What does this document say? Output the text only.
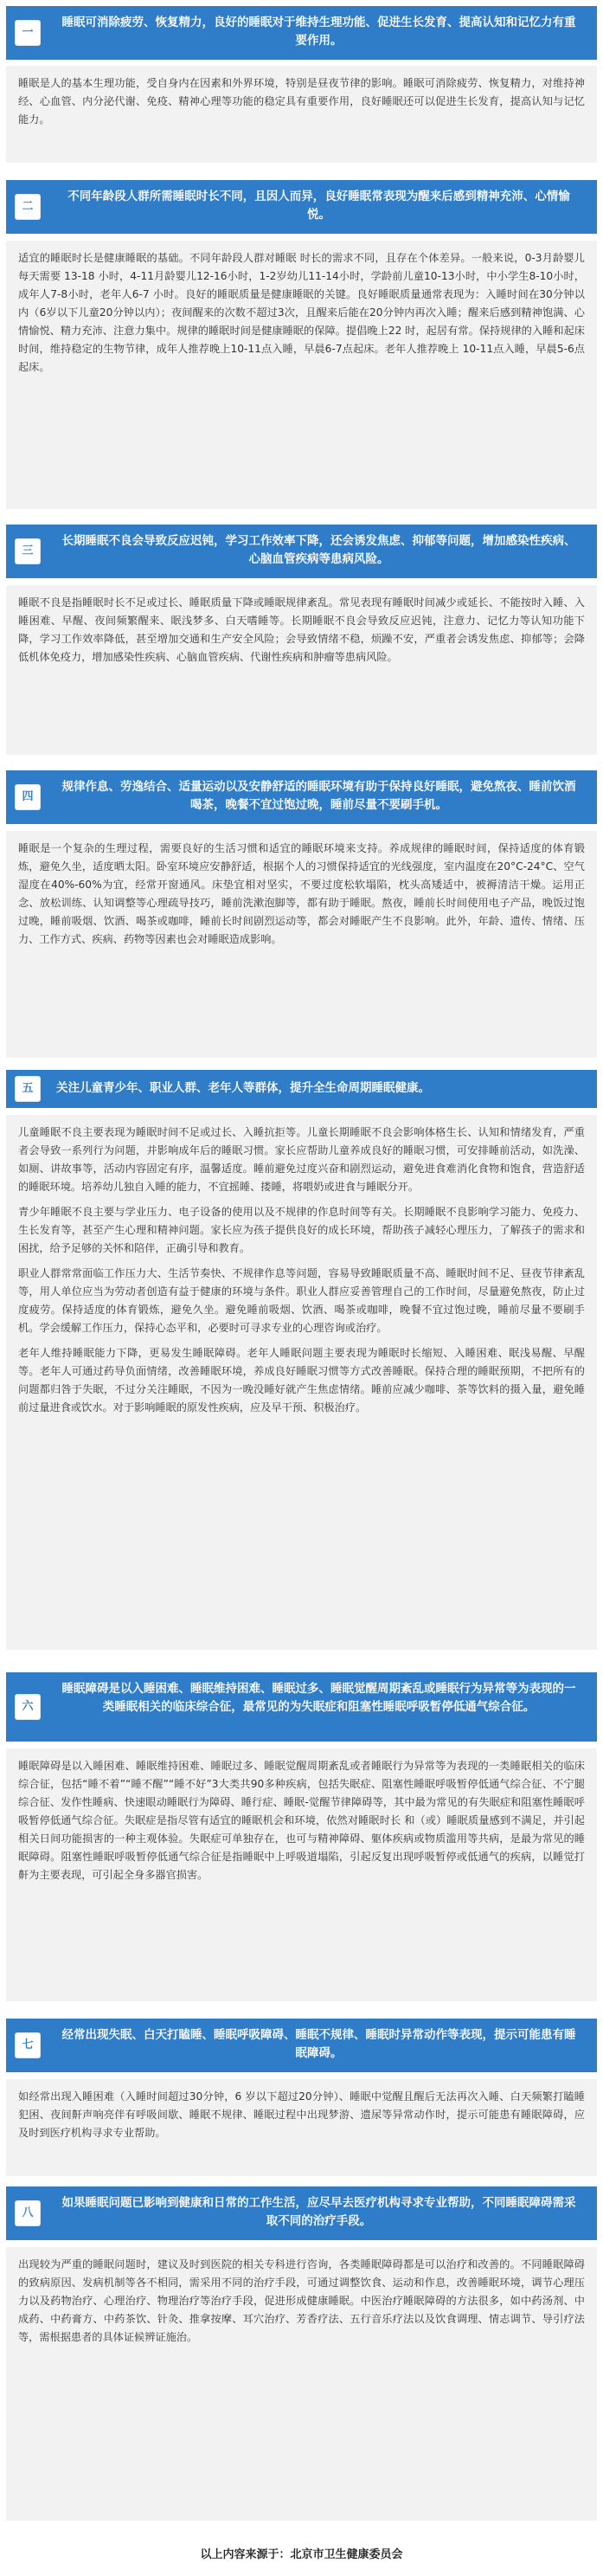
一
睡眠可消除疲劳、恢复精力，良好的睡眠对于维持生理功能、促进生长发育、提高认知和记忆力有重要作用。

睡眠是人的基本生理功能，受自身内在因素和外界环境，特别是昼夜节律的影响。睡眠可消除疲劳、恢复精力，对维持神经、心血管、内分泌代谢、免疫、精神心理等功能的稳定具有重要作用，良好睡眠还可以促进生长发育，提高认知与记忆能力。

二
不同年龄段人群所需睡眠时长不同，且因人而异，良好睡眠常表现为醒来后感到精神充沛、心情愉悦。

适宜的睡眠时长是健康睡眠的基础。不同年龄段人群对睡眠 时长的需求不同，且存在个体差异。一般来说，0-3月龄婴儿每天需要 13-18 小时，4-11月龄婴儿12-16小时，1-2岁幼儿11-14小时，学龄前儿童10-13小时，中小学生8-10小时，成年人7-8小时，老年人6-7 小时。良好的睡眠质量是健康睡眠的关键。良好睡眠质量通常表现为：入睡时间在30分钟以内（6岁以下儿童20分钟以内）；夜间醒来的次数不超过3次，且醒来后能在20分钟内再次入睡；醒来后感到精神饱满、心情愉悦、精力充沛、注意力集中。规律的睡眠时间是健康睡眠的保障。提倡晚上22 时，起居有常。保持规律的入睡和起床时间，维持稳定的生物节律，成年人推荐晚上10-11点入睡，早晨6-7点起床。老年人推荐晚上 10-11点入睡，早晨5-6点起床。

三
长期睡眠不良会导致反应迟钝，学习工作效率下降，还会诱发焦虑、抑郁等问题，增加感染性疾病、心脑血管疾病等患病风险。

睡眠不良是指睡眠时长不足或过长、睡眠质量下降或睡眠规律紊乱。常见表现有睡眠时间减少或延长、不能按时入睡、入睡困难、早醒、夜间频繁醒来、眠浅梦多、白天嗜睡等。长期睡眠不良会导致反应迟钝，注意力、记忆力等认知功能下降，学习工作效率降低，甚至增加交通和生产安全风险；会导致情绪不稳，烦躁不安，严重者会诱发焦虑、抑郁等；会降低机体免疫力，增加感染性疾病、心脑血管疾病、代谢性疾病和肿瘤等患病风险。

四
规律作息、劳逸结合、适量运动以及安静舒适的睡眠环境有助于保持良好睡眠，避免熬夜、睡前饮酒喝茶，晚餐不宜过饱过晚，睡前尽量不要刷手机。

睡眠是一个复杂的生理过程，需要良好的生活习惯和适宜的睡眠环境来支持。养成规律的睡眠时间，保持适度的体育锻炼，避免久坐，适度晒太阳。卧室环境应安静舒适，根据个人的习惯保持适宜的光线强度，室内温度在20°C-24°C、空气湿度在40%-60%为宜，经常开窗通风。床垫宜相对坚实，不要过度松软塌陷，枕头高矮适中，被褥清洁干燥。运用正念、放松训练、认知调整等心理疏导技巧，睡前洗漱泡脚等，都有助于睡眠。熬夜，睡前长时间使用电子产品，晚饭过饱过晚，睡前吸烟、饮酒、喝茶或咖啡，睡前长时间剧烈运动等，都会对睡眠产生不良影响。此外，年龄、遗传、情绪、压力、工作方式、疾病、药物等因素也会对睡眠造成影响。

五	关注儿童青少年、职业人群、老年人等群体，提升全生命周期睡眠健康。

儿童睡眠不良主要表现为睡眠时间不足或过长、入睡抗拒等。儿童长期睡眠不良会影响体格生长、认知和情绪发育，严重者会导致一系列行为问题，并影响成年后的睡眠习惯。家长应帮助儿童养成良好的睡眠习惯，可安排睡前活动，如洗澡、如厕、讲故事等，活动内容固定有序，温馨适度。睡前避免过度兴奋和剧烈运动，避免进食难消化食物和饱食，营造舒适的睡眠环境。培养幼儿独自入睡的能力，不宜摇睡、搂睡，将喂奶或进食与睡眠分开。

青少年睡眠不良主要与学业压力、电子设备的使用以及不规律的作息时间等有关。长期睡眠不良影响学习能力、免疫力、生长发育等，甚至产生心理和精神问题。家长应为孩子提供良好的成长环境，帮助孩子减轻心理压力，了解孩子的需求和困扰，给予足够的关怀和陪伴，正确引导和教育。

职业人群常常面临工作压力大、生活节奏快、不规律作息等问题，容易导致睡眠质量不高、睡眠时间不足、昼夜节律紊乱等，用人单位应当为劳动者创造有益于健康的环境与条件。职业人群应妥善管理自己的工作时间，尽量避免熬夜，防止过度疲劳。保持适度的体育锻炼，避免久坐。避免睡前吸烟、饮酒、喝茶或咖啡，晚餐不宜过饱过晚，睡前尽量不要刷手机。学会缓解工作压力，保持心态平和，必要时可寻求专业的心理咨询或治疗。

老年人维持睡眠能力下降，更易发生睡眠障碍。老年人睡眠问题主要表现为睡眠时长缩短、入睡困难、眠浅易醒、早醒等。老年人可通过药导负面情绪，改善睡眠环境，养成良好睡眠习惯等方式改善睡眠。保持合理的睡眠预期，不把所有的问题都归咎于失眠，不过分关注睡眠，不因为一晚没睡好就产生焦虑情绪。睡前应减少咖啡、茶等饮料的摄入量，避免睡前过量进食或饮水。对于影响睡眠的原发性疾病，应及早干预、积极治疗。

六
睡眠障碍是以入睡困难、睡眠维持困难、睡眠过多、睡眠觉醒周期紊乱或睡眠行为异常等为表现的一类睡眠相关的临床综合征，最常见的为失眠症和阻塞性睡眠呼吸暂停低通气综合征。

睡眠障碍是以入睡困难、睡眠维持困难、睡眠过多、睡眠觉醒周期紊乱或者睡眠行为异常等为表现的一类睡眠相关的临床 综合征，包括“睡不着”“睡不醒”“睡不好”3大类共90多种疾病，包括失眠症、阻塞性睡眠呼吸暂停低通气综合征、不宁腿综合征、发作性睡病、快速眼动睡眠行为障碍、睡行症、睡眠-觉醒节律障碍等，其中最为常见的有失眠症和阻塞性睡眠呼吸暂停低通气综合征。失眠症是指尽管有适宜的睡眠机会和环境，依然对睡眠时长 和（或）睡眠质量感到不满足，并引起相关日间功能损害的一种主观体验。失眠症可单独存在，也可与精神障碍、躯体疾病或物质滥用等共病，是最为常见的睡眠障碍。阻塞性睡眠呼吸暂停低通气综合征是指睡眠中上呼吸道塌陷，引起反复出现呼吸暂停或低通气的疾病，以睡觉打鼾为主要表现，可引起全身多器官损害。

七
经常出现失眠、白天打瞌睡、睡眠呼吸障碍、睡眠不规律、睡眠时异常动作等表现，提示可能患有睡眠障碍。

如经常出现入睡困难（入睡时间超过30分钟，6 岁以下超过20分钟）、睡眠中觉醒且醒后无法再次入睡、白天频繁打瞌睡犯困、夜间鼾声响亮伴有呼吸间歇、睡眠不规律、睡眠过程中出现梦游、遗尿等异常动作时，提示可能患有睡眠障碍，应及时到医疗机构寻求专业帮助。

八
如果睡眠问题已影响到健康和日常的工作生活，应尽早去医疗机构寻求专业帮助，不同睡眠障碍需采取不同的治疗手段。

出现较为严重的睡眠问题时，建议及时到医院的相关专科进行咨询，各类睡眠障碍都是可以治疗和改善的。不同睡眠障碍的致病原因、发病机制等各不相同，需采用不同的治疗手段，可通过调整饮食、运动和作息，改善睡眠环境，调节心理压力以及药物治疗、心理治疗、物理治疗等治疗手段，促进形成健康睡眠。中医治疗睡眠障碍的方法很多，如中药汤剂、中成药、中药膏方、中药茶饮、针灸、推拿按摩、耳穴治疗、芳香疗法、五行音乐疗法以及饮食调理、情志调节、导引疗法等，需根据患者的具体证候辨证施治。

以上内容来源于：北京市卫生健康委员会
